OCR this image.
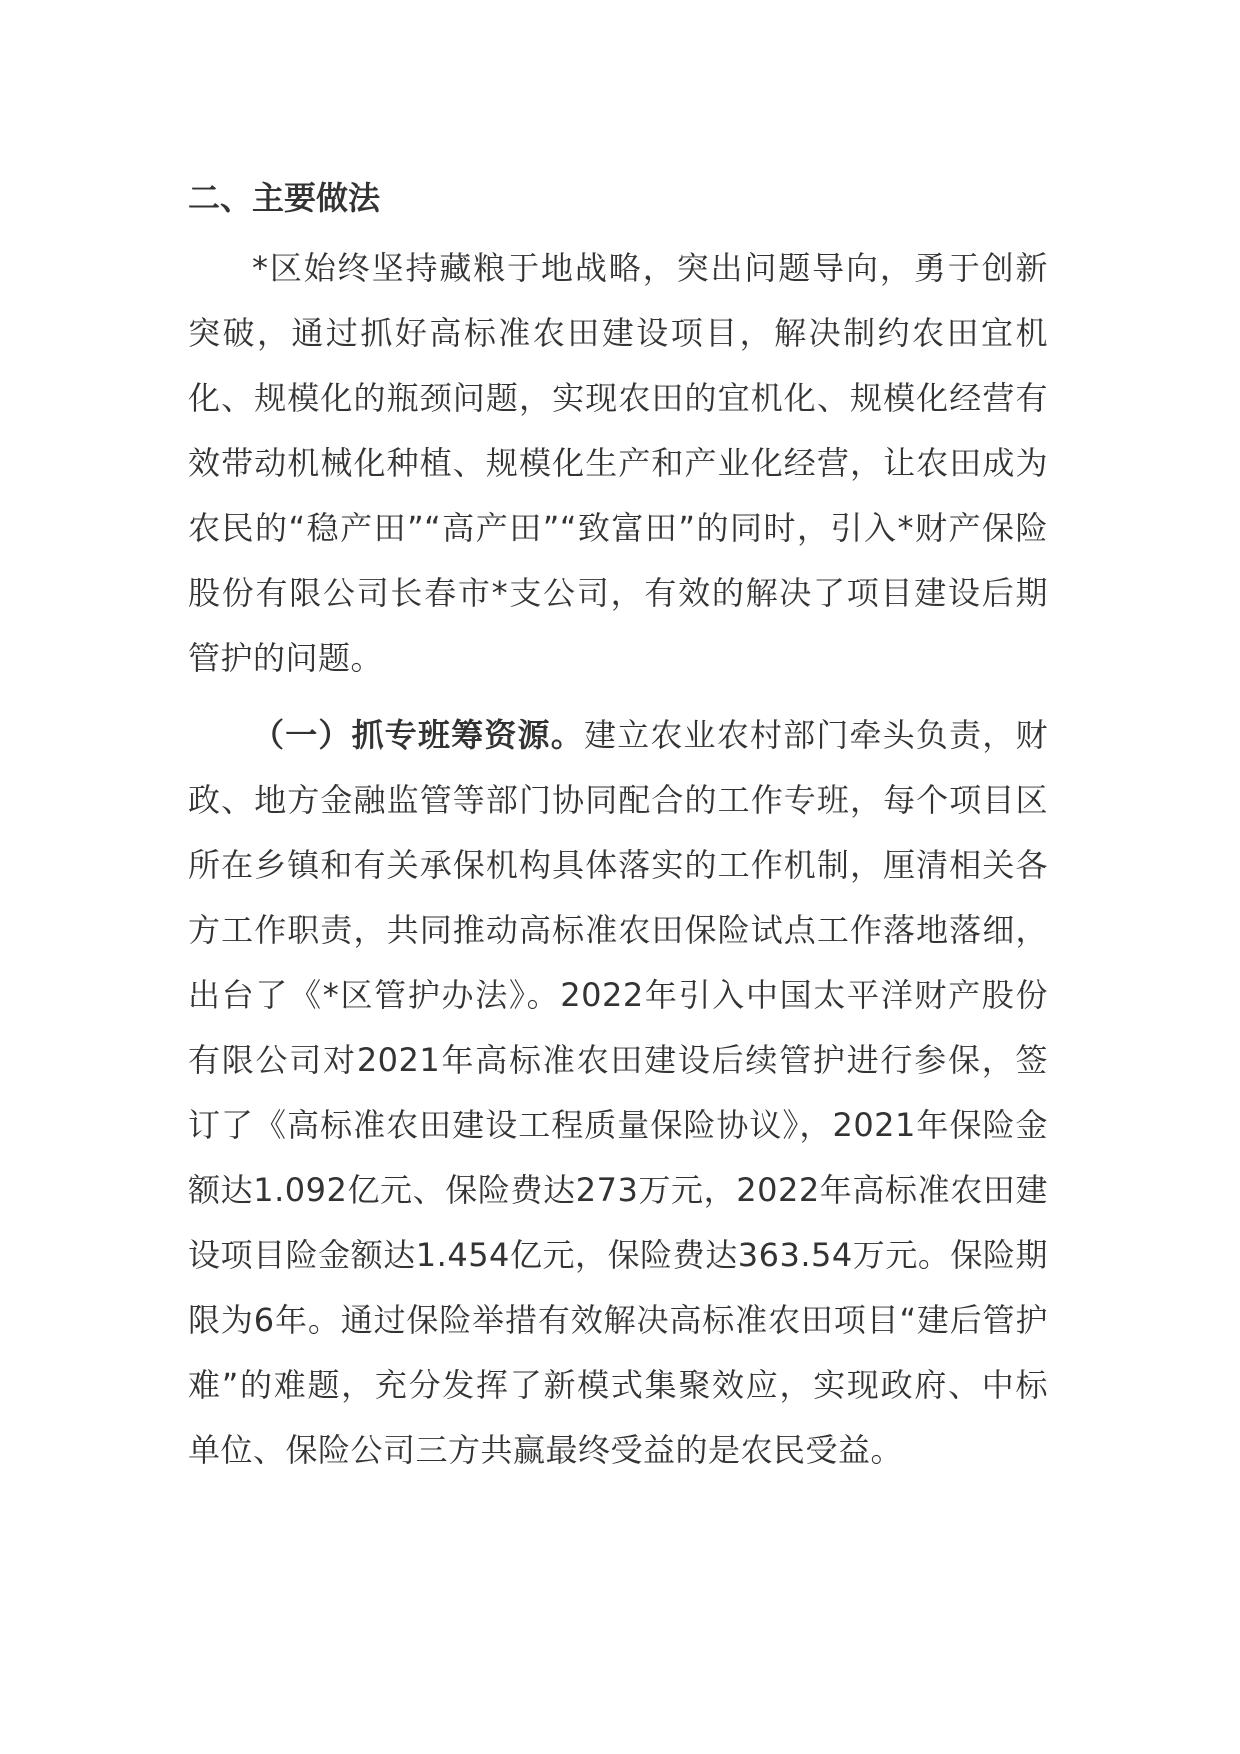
二、主要做法

*区始终坚持藏粮于地战略，突出问题导向，勇于创新突破，通过抓好高标准农田建设项目，解决制约农田宜机化、规模化的瓶颈问题，实现农田的宜机化、规模化经营有效带动机械化种植、规模化生产和产业化经营，让农田成为农民的“稳产田”“高产田”“致富田”的同时，引入*财产保险股份有限公司长春市*支公司，有效的解决了项目建设后期管护的问题。

（一）抓专班筹资源。建立农业农村部门牵头负责，财政、地方金融监管等部门协同配合的工作专班，每个项目区所在乡镇和有关承保机构具体落实的工作机制，厘清相关各方工作职责，共同推动高标准农田保险试点工作落地落细，出台了《*区管护办法》。2022年引入中国太平洋财产股份有限公司对2021年高标准农田建设后续管护进行参保，签订了《高标准农田建设工程质量保险协议》，2021年保险金额达1.092亿元、保险费达273万元，2022年高标准农田建设项目险金额达1.454亿元，保险费达363.54万元。保险期限为6年。通过保险举措有效解决高标准农田项目“建后管护难”的难题，充分发挥了新模式集聚效应，实现政府、中标单位、保险公司三方共赢最终受益的是农民受益。
